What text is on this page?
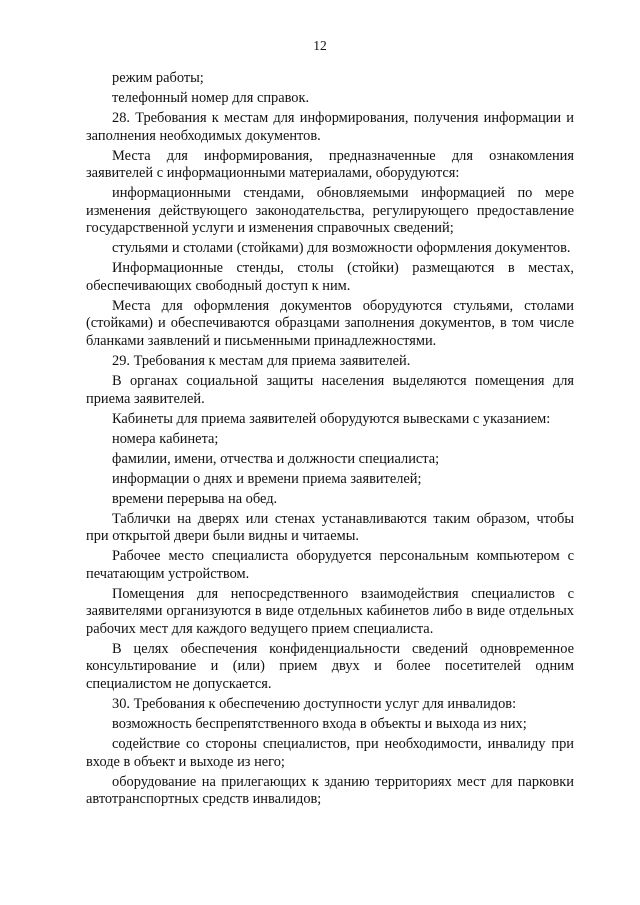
12

режим работы;

телефонный номер для справок.

28. Требования к местам для информирования, получения информации и заполнения необходимых документов.

Места для информирования, предназначенные для ознакомления заявителей с информационными материалами, оборудуются:

информационными стендами, обновляемыми информацией по мере изменения действующего законодательства, регулирующего предоставление государственной услуги и изменения справочных сведений;

стульями и столами (стойками) для возможности оформления документов.

Информационные стенды, столы (стойки) размещаются в местах, обеспечивающих свободный доступ к ним.

Места для оформления документов оборудуются стульями, столами (стойками) и обеспечиваются образцами заполнения документов, в том числе бланками заявлений и письменными принадлежностями.

29. Требования к местам для приема заявителей.

В органах социальной защиты населения выделяются помещения для приема заявителей.

Кабинеты для приема заявителей оборудуются вывесками с указанием:

номера кабинета;

фамилии, имени, отчества и должности специалиста;

информации о днях и времени приема заявителей;

времени перерыва на обед.

Таблички на дверях или стенах устанавливаются таким образом, чтобы при открытой двери были видны и читаемы.

Рабочее место специалиста оборудуется персональным компьютером с печатающим устройством.

Помещения для непосредственного взаимодействия специалистов с заявителями организуются в виде отдельных кабинетов либо в виде отдельных рабочих мест для каждого ведущего прием специалиста.

В целях обеспечения конфиденциальности сведений одновременное консультирование и (или) прием двух и более посетителей одним специалистом не допускается.

30. Требования к обеспечению доступности услуг для инвалидов:

возможность беспрепятственного входа в объекты и выхода из них;

содействие со стороны специалистов, при необходимости, инвалиду при входе в объект и выходе из него;

оборудование на прилегающих к зданию территориях мест для парковки автотранспортных средств инвалидов;
